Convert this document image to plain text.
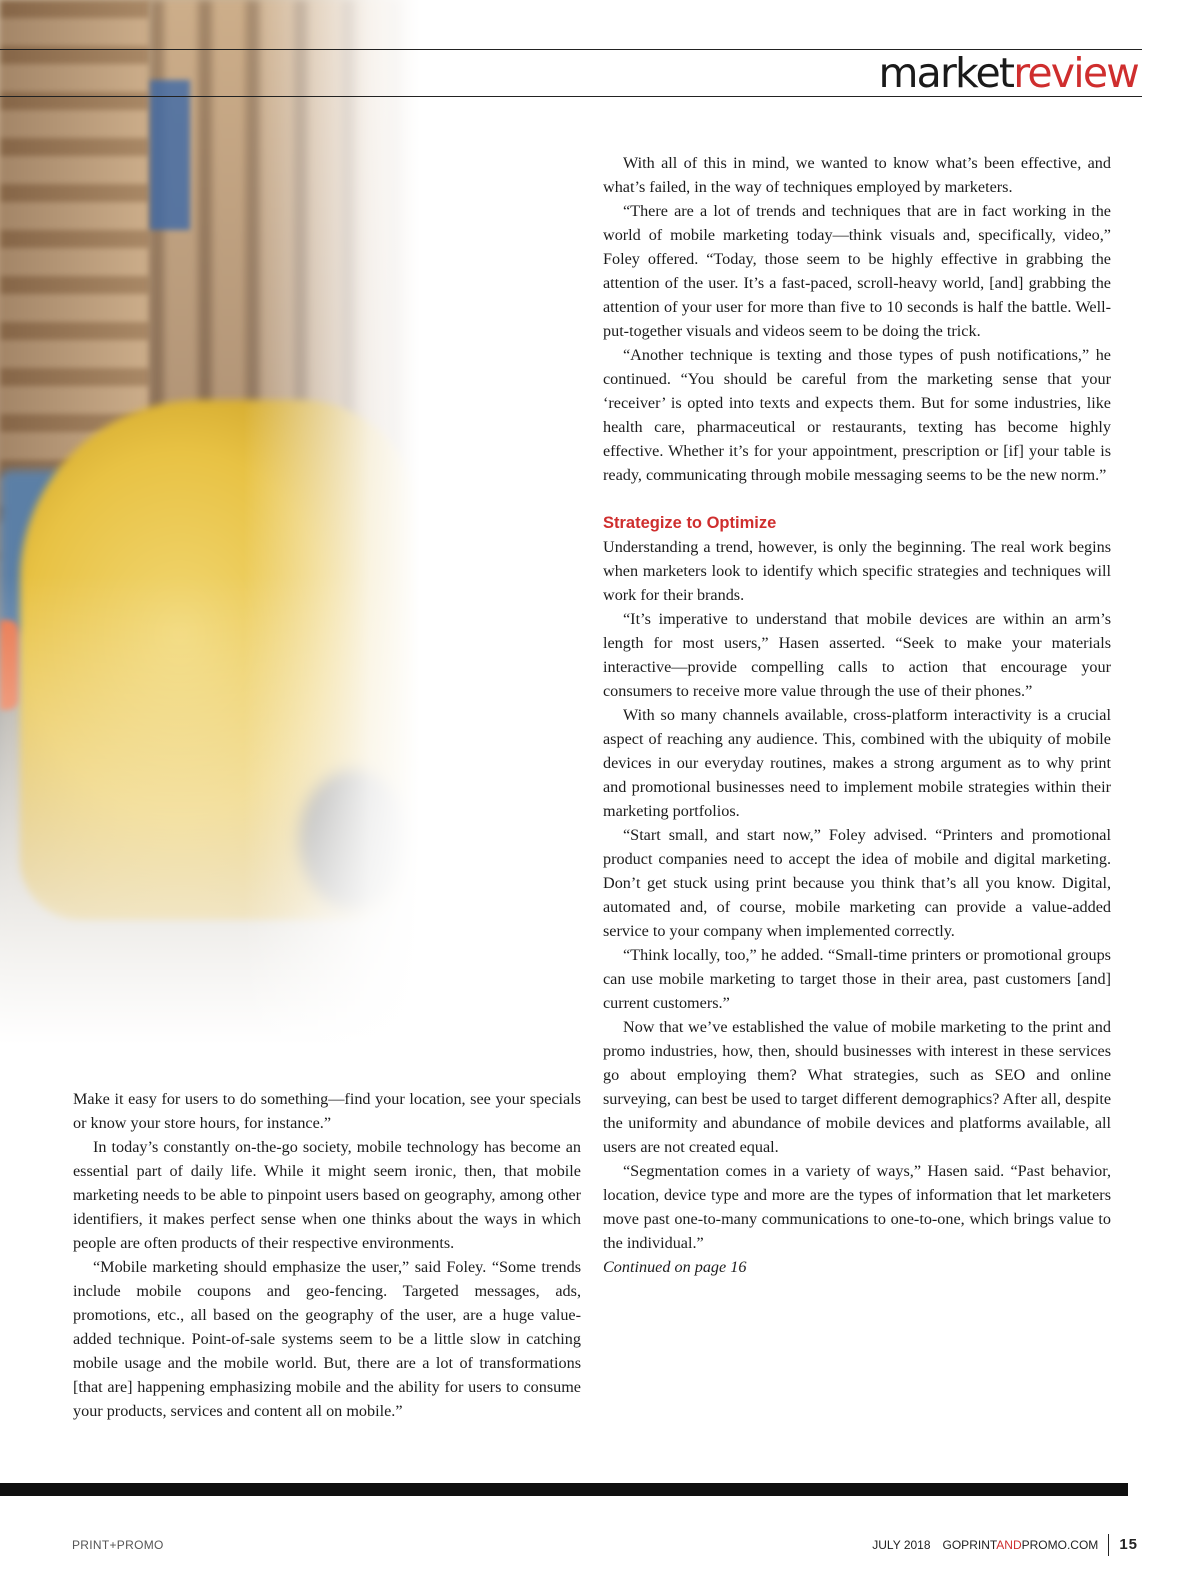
marketreview

With all of this in mind, we wanted to know what’s been effective, and what’s failed, in the way of techniques employed by marketers.

“There are a lot of trends and techniques that are in fact working in the world of mobile marketing today—think visuals and, specifically, video,” Foley offered. “Today, those seem to be highly effective in grabbing the attention of the user. It’s a fast-paced, scroll-heavy world, [and] grabbing the attention of your user for more than five to 10 seconds is half the battle. Well-put-together visuals and videos seem to be doing the trick.

“Another technique is texting and those types of push notifications,” he continued. “You should be careful from the marketing sense that your ‘receiver’ is opted into texts and expects them. But for some industries, like health care, pharmaceutical or restaurants, texting has become highly effective. Whether it’s for your appointment, prescription or [if] your table is ready, communicating through mobile messaging seems to be the new norm.”

Strategize to Optimize

Understanding a trend, however, is only the beginning. The real work begins when marketers look to identify which specific strategies and techniques will work for their brands.

“It’s imperative to understand that mobile devices are within an arm’s length for most users,” Hasen asserted. “Seek to make your materials interactive—provide compelling calls to action that encourage your consumers to receive more value through the use of their phones.”

With so many channels available, cross-platform interactivity is a crucial aspect of reaching any audience. This, combined with the ubiquity of mobile devices in our everyday routines, makes a strong argument as to why print and promotional businesses need to implement mobile strategies within their marketing portfolios.

“Start small, and start now,” Foley advised. “Printers and promotional product companies need to accept the idea of mobile and digital marketing. Don’t get stuck using print because you think that’s all you know. Digital, automated and, of course, mobile marketing can provide a value-added service to your company when implemented correctly.

“Think locally, too,” he added. “Small-time printers or promotional groups can use mobile marketing to target those in their area, past customers [and] current customers.”

Now that we’ve established the value of mobile marketing to the print and promo industries, how, then, should businesses with interest in these services go about employing them? What strategies, such as SEO and online surveying, can best be used to target different demographics? After all, despite the uniformity and abundance of mobile devices and platforms available, all users are not created equal.

“Segmentation comes in a variety of ways,” Hasen said. “Past behavior, location, device type and more are the types of information that let marketers move past one-to-many communications to one-to-one, which brings value to the individual.”

Continued on page 16

Make it easy for users to do something—find your location, see your specials or know your store hours, for instance.”

In today’s constantly on-the-go society, mobile technology has become an essential part of daily life. While it might seem ironic, then, that mobile marketing needs to be able to pinpoint users based on geography, among other identifiers, it makes perfect sense when one thinks about the ways in which people are often products of their respective environments.

“Mobile marketing should emphasize the user,” said Foley. “Some trends include mobile coupons and geo-fencing. Targeted messages, ads, promotions, etc., all based on the geography of the user, are a huge value-added technique. Point-of-sale systems seem to be a little slow in catching mobile usage and the mobile world. But, there are a lot of transformations [that are] happening emphasizing mobile and the ability for users to consume your products, services and content all on mobile.”

PRINT+PROMO	JULY 2018 GOPRINTANDPROMO.COM 15
